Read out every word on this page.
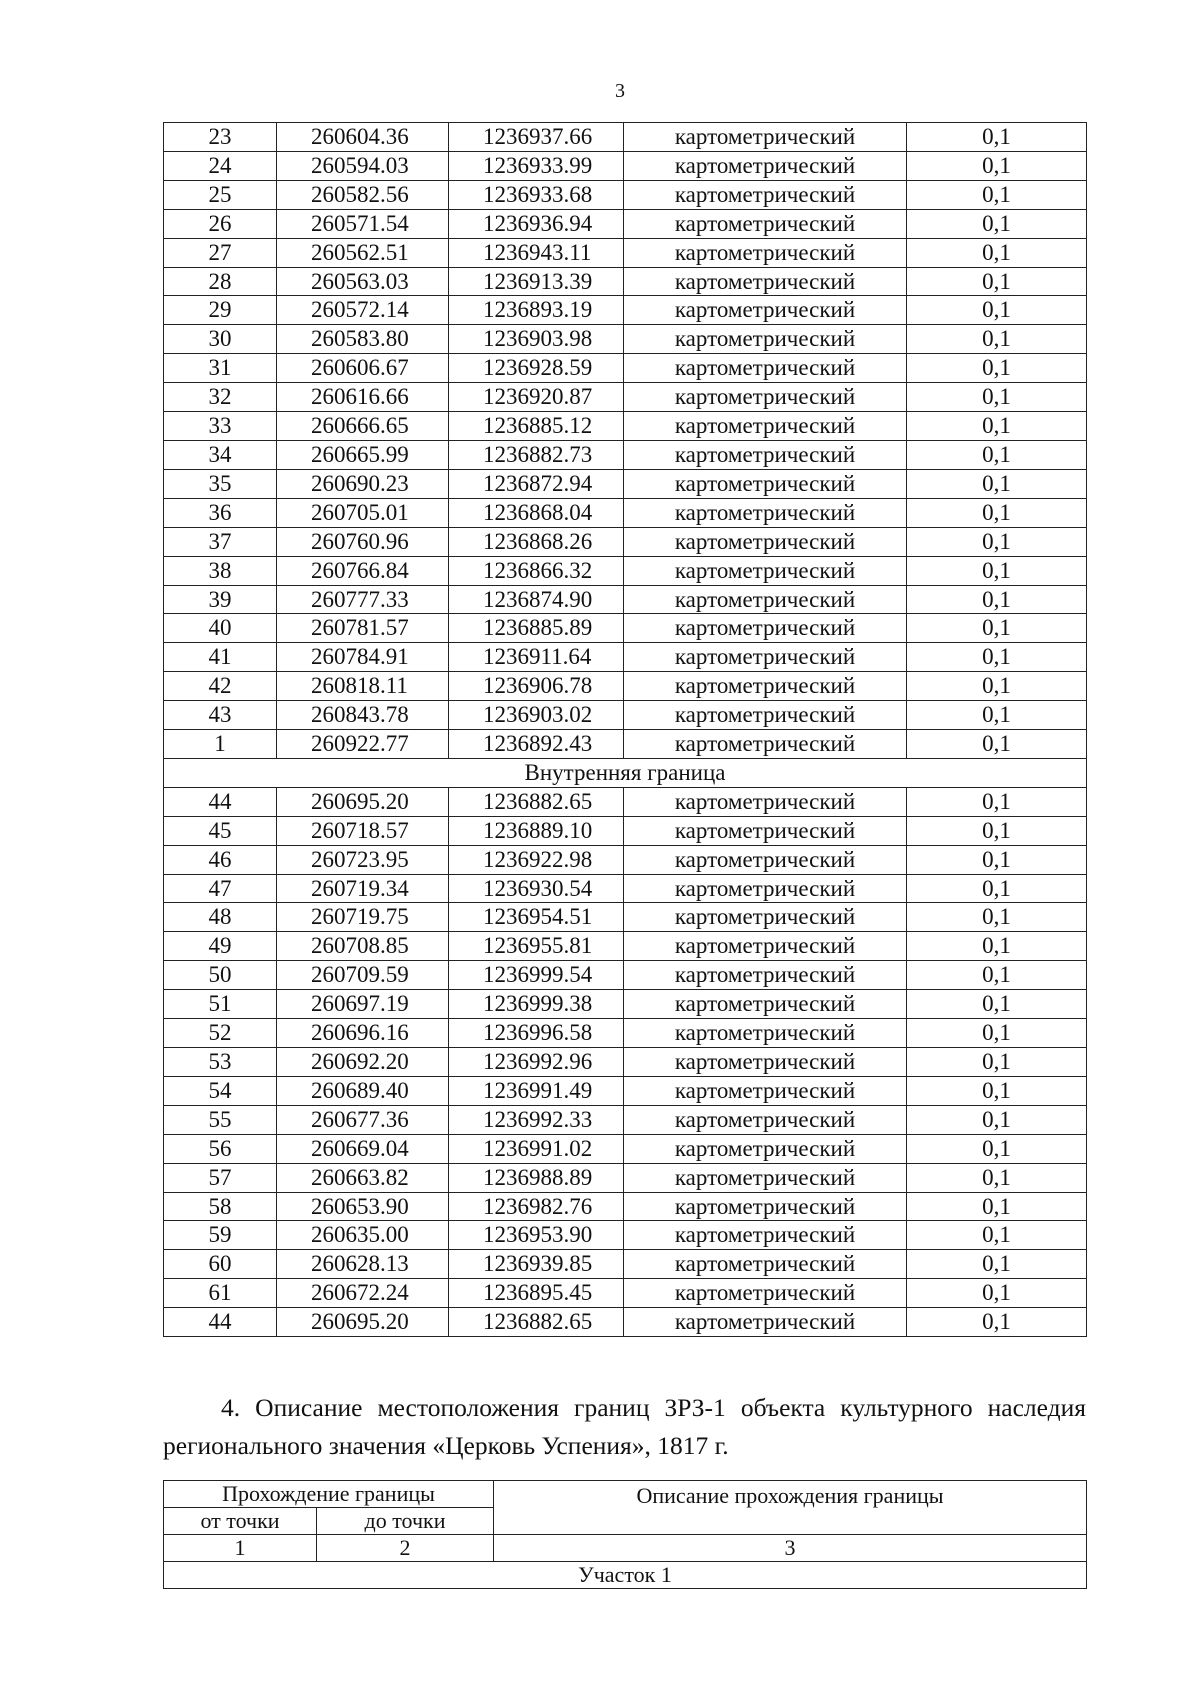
3
23	260604.36	1236937.66	картометрический	0,1
24	260594.03	1236933.99	картометрический	0,1
25	260582.56	1236933.68	картометрический	0,1
26	260571.54	1236936.94	картометрический	0,1
27	260562.51	1236943.11	картометрический	0,1
28	260563.03	1236913.39	картометрический	0,1
29	260572.14	1236893.19	картометрический	0,1
30	260583.80	1236903.98	картометрический	0,1
31	260606.67	1236928.59	картометрический	0,1
32	260616.66	1236920.87	картометрический	0,1
33	260666.65	1236885.12	картометрический	0,1
34	260665.99	1236882.73	картометрический	0,1
35	260690.23	1236872.94	картометрический	0,1
36	260705.01	1236868.04	картометрический	0,1
37	260760.96	1236868.26	картометрический	0,1
38	260766.84	1236866.32	картометрический	0,1
39	260777.33	1236874.90	картометрический	0,1
40	260781.57	1236885.89	картометрический	0,1
41	260784.91	1236911.64	картометрический	0,1
42	260818.11	1236906.78	картометрический	0,1
43	260843.78	1236903.02	картометрический	0,1
1	260922.77	1236892.43	картометрический	0,1
Внутренняя граница				
44	260695.20	1236882.65	картометрический	0,1
45	260718.57	1236889.10	картометрический	0,1
46	260723.95	1236922.98	картометрический	0,1
47	260719.34	1236930.54	картометрический	0,1
48	260719.75	1236954.51	картометрический	0,1
49	260708.85	1236955.81	картометрический	0,1
50	260709.59	1236999.54	картометрический	0,1
51	260697.19	1236999.38	картометрический	0,1
52	260696.16	1236996.58	картометрический	0,1
53	260692.20	1236992.96	картометрический	0,1
54	260689.40	1236991.49	картометрический	0,1
55	260677.36	1236992.33	картометрический	0,1
56	260669.04	1236991.02	картометрический	0,1
57	260663.82	1236988.89	картометрический	0,1
58	260653.90	1236982.76	картометрический	0,1
59	260635.00	1236953.90	картометрический	0,1
60	260628.13	1236939.85	картометрический	0,1
61	260672.24	1236895.45	картометрический	0,1
44	260695.20	1236882.65	картометрический	0,1
4. Описание местоположения границ ЗРЗ-1 объекта культурного наследия регионального значения «Церковь Успения», 1817 г.
Прохождение границы		Описание прохождения границы
от точки	до точки	
1	2	3
Участок 1		
